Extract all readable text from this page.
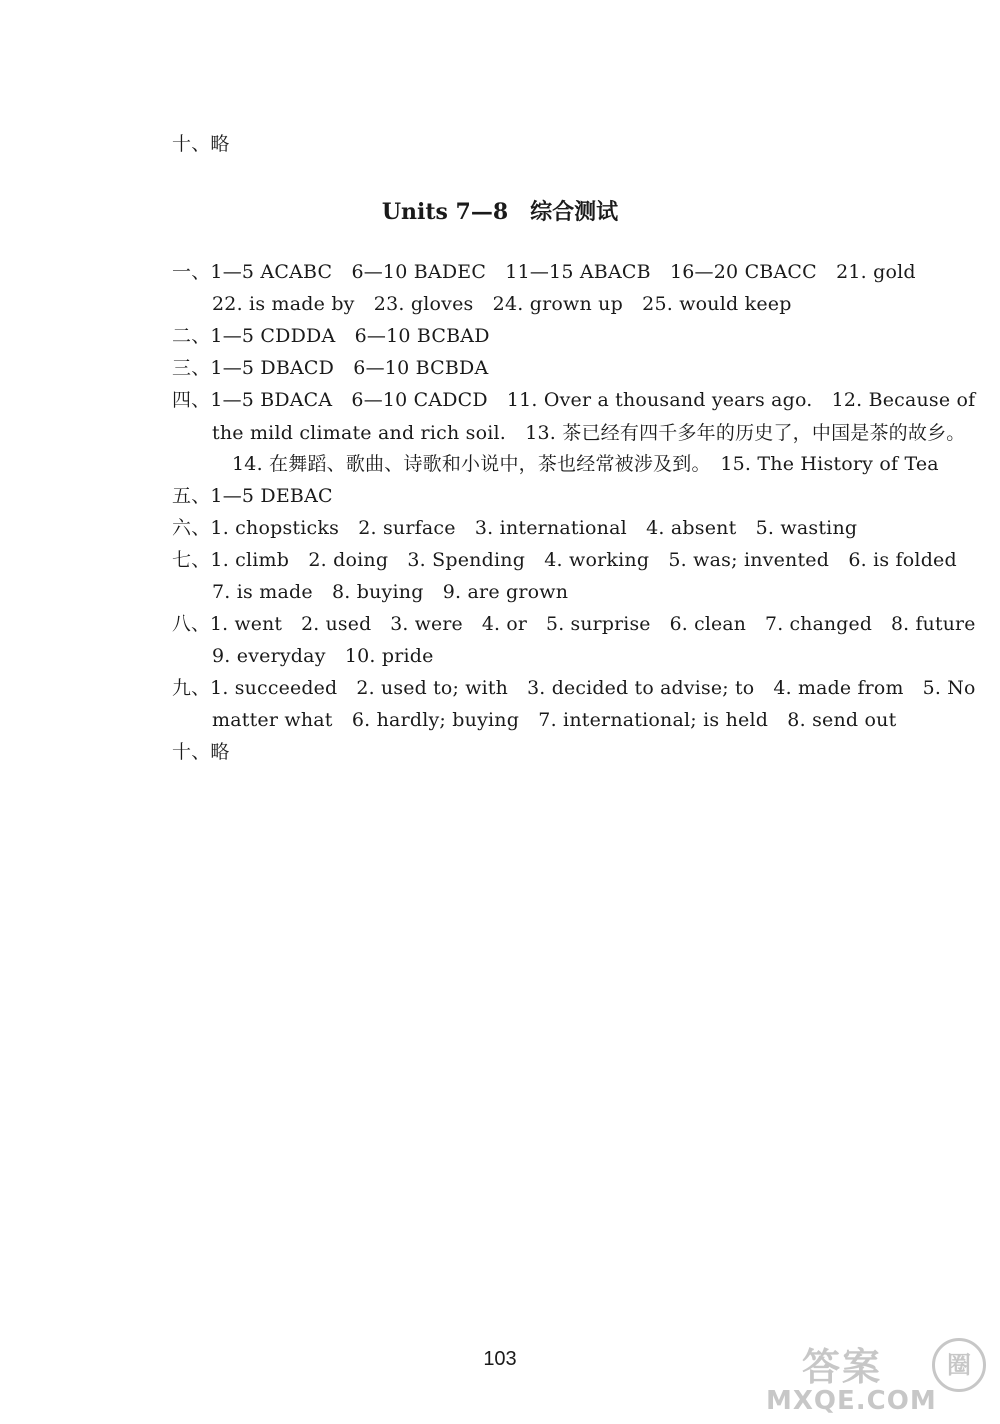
十、略
Units 7—8　综合测试
一、1—5 ACABC　6—10 BADEC　11—15 ABACB　16—20 CBACC　21. gold
22. is made by　23. gloves　24. grown up　25. would keep
二、1—5 CDDDA　6—10 BCBAD
三、1—5 DBACD　6—10 BCBDA
四、1—5 BDACA　6—10 CADCD　11. Over a thousand years ago.　12. Because of
the mild climate and rich soil.　13. 茶已经有四千多年的历史了，中国是茶的故乡。
14. 在舞蹈、歌曲、诗歌和小说中，茶也经常被涉及到。　15. The History of Tea
五、1—5 DEBAC
六、1. chopsticks　2. surface　3. international　4. absent　5. wasting
七、1. climb　2. doing　3. Spending　4. working　5. was; invented　6. is folded
7. is made　8. buying　9. are grown
八、1. went　2. used　3. were　4. or　5. surprise　6. clean　7. changed　8. future
9. everyday　10. pride
九、1. succeeded　2. used to; with　3. decided to advise; to　4. made from　5. No
matter what　6. hardly; buying　7. international; is held　8. send out
十、略
103	答案	圈
MXQE.COM
